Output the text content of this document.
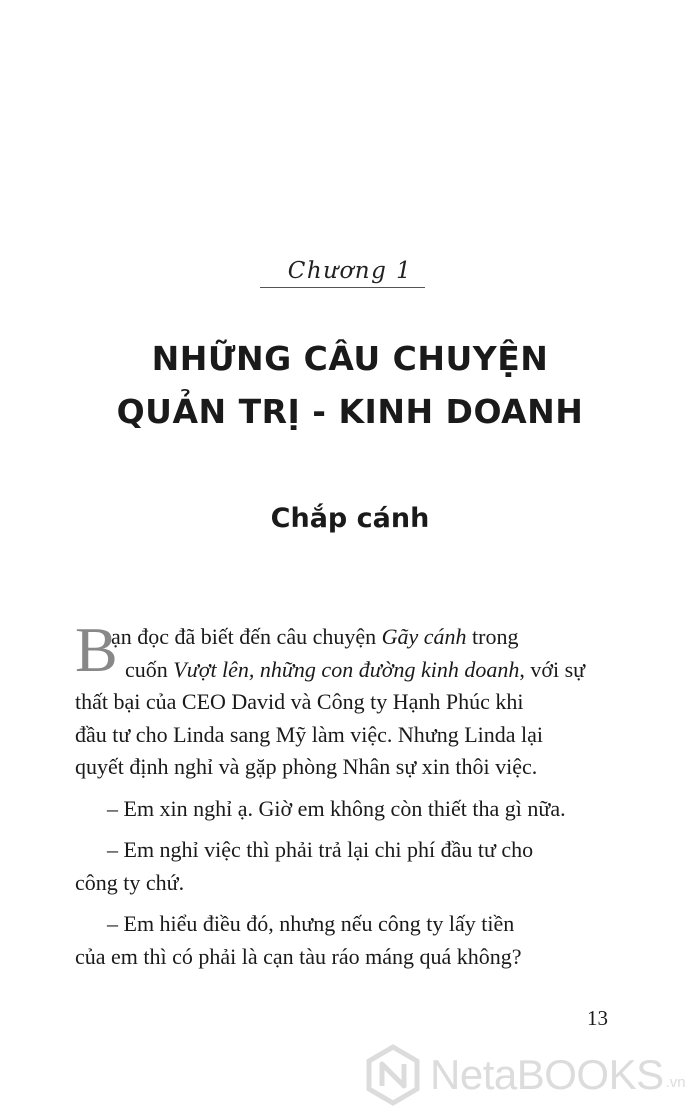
Chương 1
NHỮNG CÂU CHUYỆN
QUẢN TRỊ - KINH DOANH
Chắp cánh

B
ạn đọc đã biết đến câu chuyện Gãy cánh trong
cuốn Vượt lên, những con đường kinh doanh, với sự
thất bại của CEO David và Công ty Hạnh Phúc khi
đầu tư cho Linda sang Mỹ làm việc. Nhưng Linda lại
quyết định nghỉ và gặp phòng Nhân sự xin thôi việc.

– Em xin nghỉ ạ. Giờ em không còn thiết tha gì nữa.

– Em nghỉ việc thì phải trả lại chi phí đầu tư cho
công ty chứ.

– Em hiểu điều đó, nhưng nếu công ty lấy tiền
của em thì có phải là cạn tàu ráo máng quá không?

13
NetaBOOKS .vn
